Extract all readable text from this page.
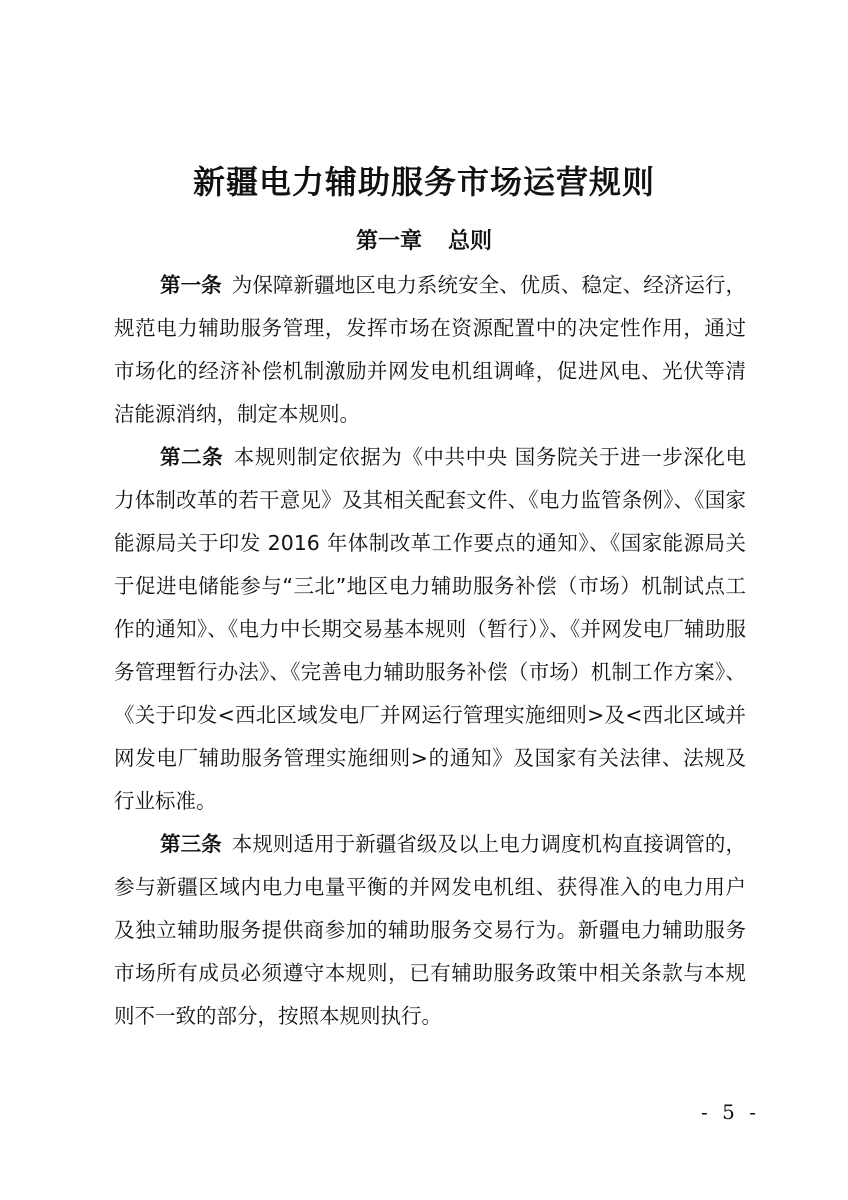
新疆电力辅助服务市场运营规则
第一章 总则

第一条 为保障新疆地区电力系统安全、优质、稳定、经济运行，规范电力辅助服务管理，发挥市场在资源配置中的决定性作用，通过市场化的经济补偿机制激励并网发电机组调峰，促进风电、光伏等清洁能源消纳，制定本规则。

第二条 本规则制定依据为《中共中央 国务院关于进一步深化电力体制改革的若干意见》及其相关配套文件、《电力监管条例》、《国家能源局关于印发 2016 年体制改革工作要点的通知》、《国家能源局关于促进电储能参与“三北”地区电力辅助服务补偿（市场）机制试点工作的通知》、《电力中长期交易基本规则（暂行）》、《并网发电厂辅助服务管理暂行办法》、《完善电力辅助服务补偿（市场）机制工作方案》、《关于印发<西北区域发电厂并网运行管理实施细则>及<西北区域并网发电厂辅助服务管理实施细则>的通知》及国家有关法律、法规及行业标准。

第三条 本规则适用于新疆省级及以上电力调度机构直接调管的，参与新疆区域内电力电量平衡的并网发电机组、获得准入的电力用户及独立辅助服务提供商参加的辅助服务交易行为。新疆电力辅助服务市场所有成员必须遵守本规则，已有辅助服务政策中相关条款与本规则不一致的部分，按照本规则执行。

- 5 -
